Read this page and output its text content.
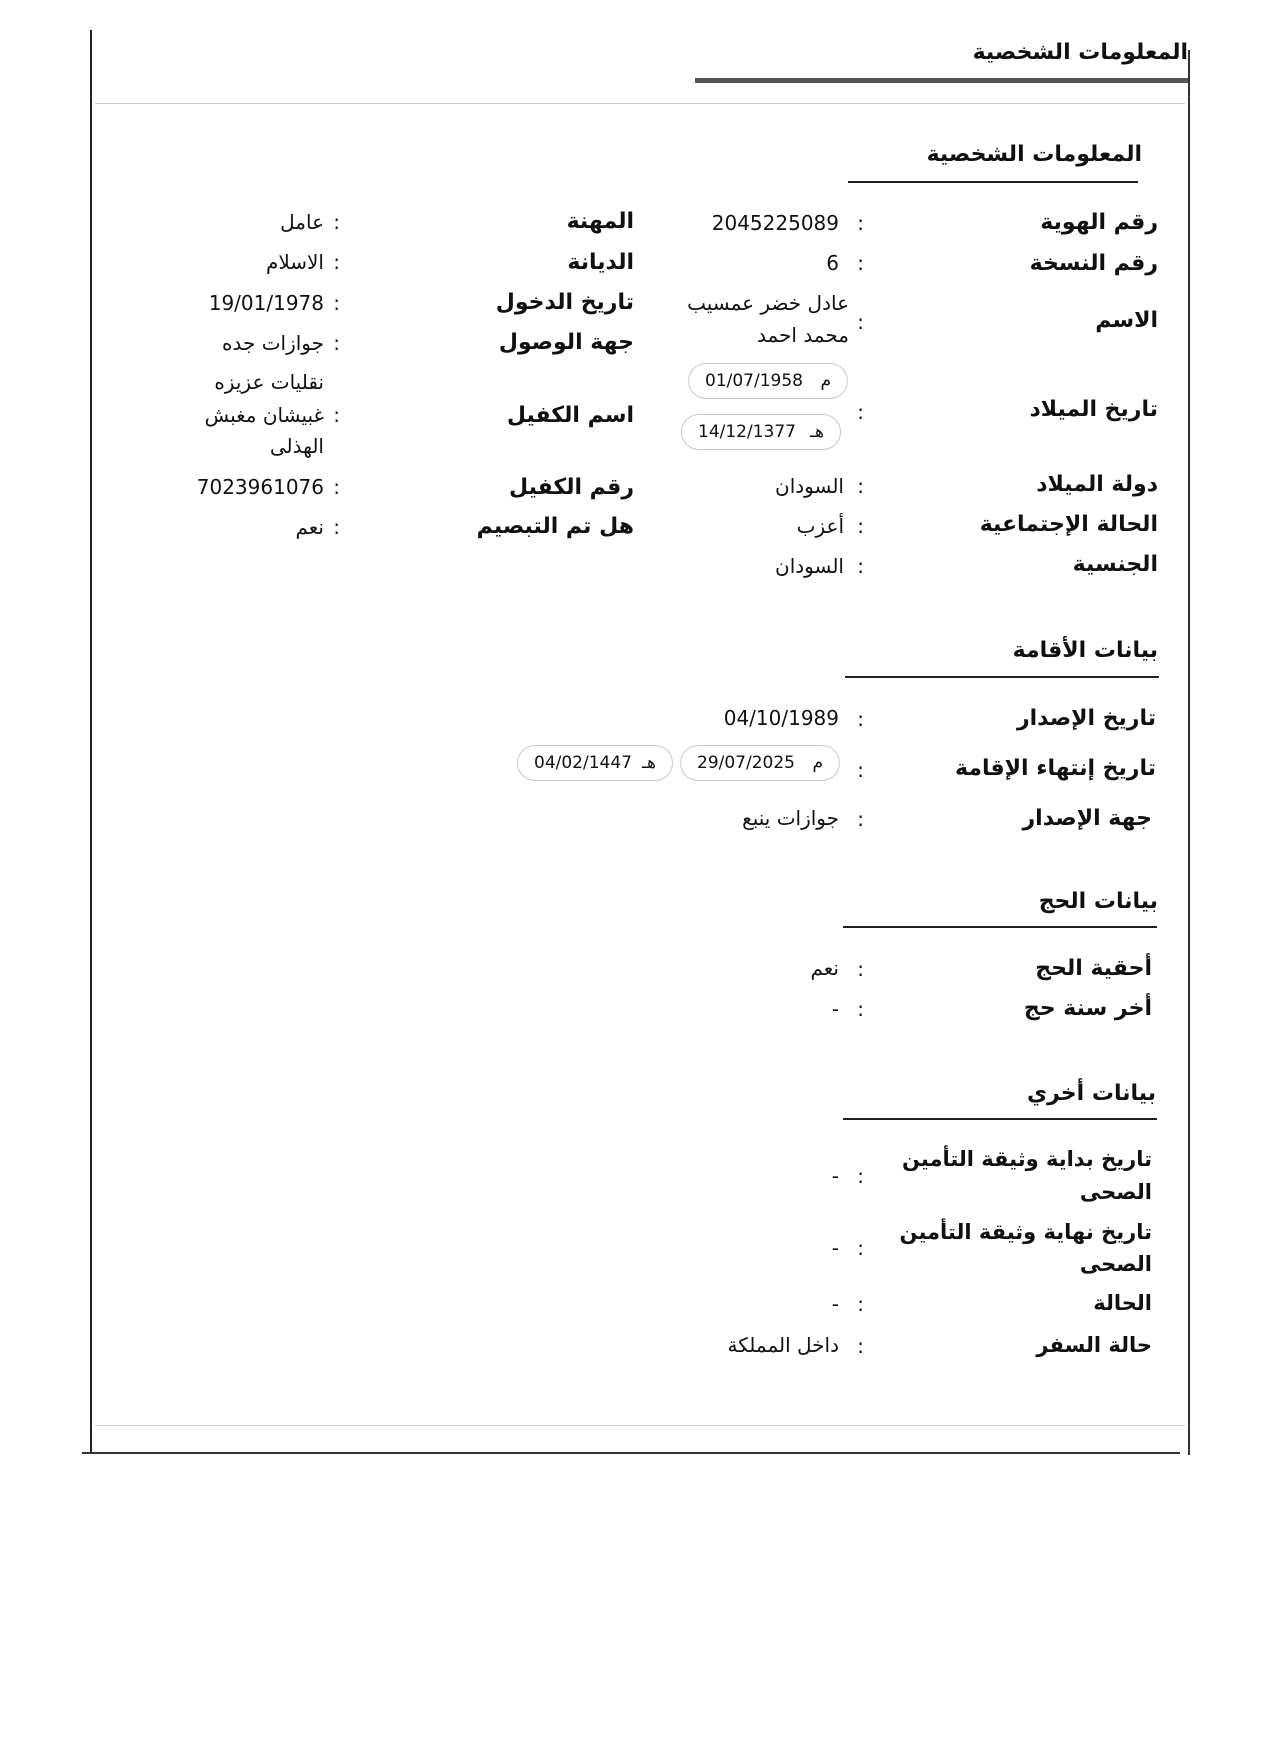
المعلومات الشخصية
المعلومات الشخصية
رقم الهوية
رقم النسخة
الاسم
تاريخ الميلاد
دولة الميلاد
الحالة الإجتماعية
الجنسية
:
:
:
:
:
:
:
2045225089
6
عادل خضر عمسيب
محمد احمد
م
01/07/1958
هـ
14/12/1377
السودان
أعزب
السودان
المهنة
الديانة
تاريخ الدخول
جهة الوصول
اسم الكفيل
رقم الكفيل
هل تم التبصيم
:
عامل
:
الاسلام
:
19/01/1978
:
جوازات جده
نقليات عزيزه
:
غبيشان مغبش
الهذلى
:
7023961076
:
نعم
بيانات الأقامة
تاريخ الإصدار
:
04/10/1989
تاريخ إنتهاء الإقامة
:
م
29/07/2025
هـ
04/02/1447
جهة الإصدار
:
جوازات ينبع
بيانات الحج
أحقية الحج
:
نعم
أخر سنة حج
:
-
بيانات أخري
تاريخ بداية وثيقة التأمين
الصحى
:
-
تاريخ نهاية وثيقة التأمين
الصحى
:
-
الحالة
:
-
حالة السفر
:
داخل المملكة
